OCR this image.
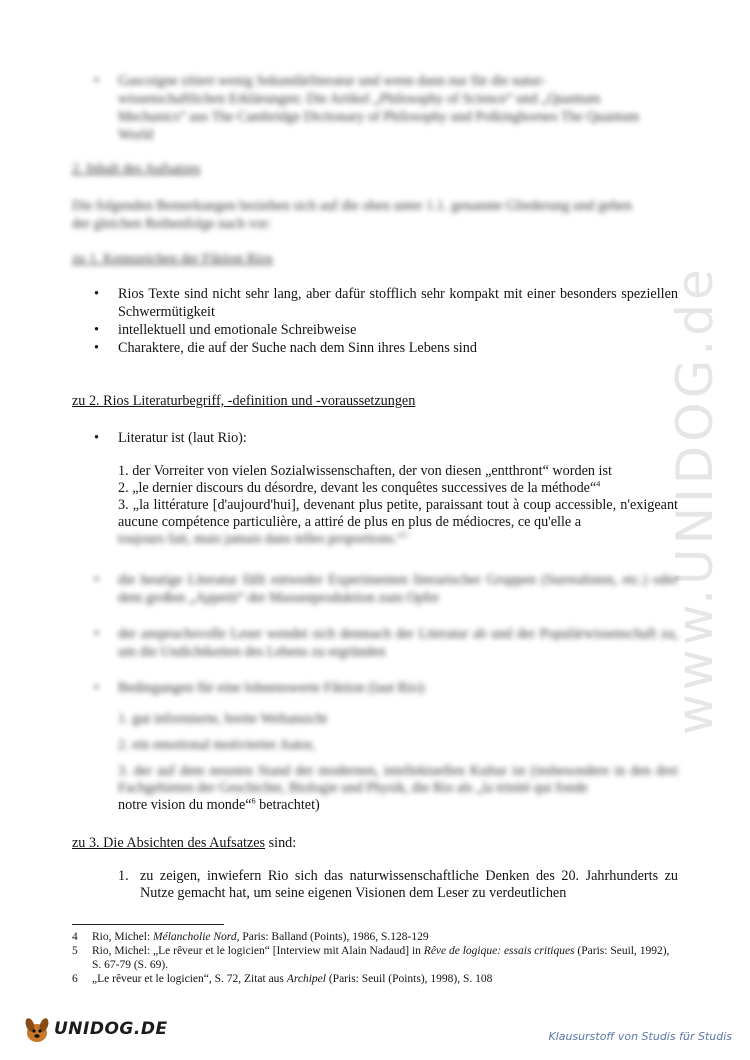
www.UNIDOG.de
• Gascoigne zitiert wenig Sekundärliteratur und wenn dann nur für die natur-
wissenschaftlichen Erklärungen: Die Artikel „Philosophy of Science“ und „Quantum
Mechanics“ aus The Cambridge Dictionary of Philosophy und Polkinghornes The Quantum
World
2. Inhalt des Aufsatzes
Die folgenden Bemerkungen beziehen sich auf die oben unter 1.1. genannte Gliederung und gehen
der gleichen Reihenfolge nach vor:
zu 1. Kennzeichen der Fiktion Rios
• Rios Texte sind nicht sehr lang, aber dafür stofflich sehr kompakt mit einer besonders speziellen Schwermütigkeit
• intellektuell und emotionale Schreibweise
• Charaktere, die auf der Suche nach dem Sinn ihres Lebens sind
zu 2. Rios Literaturbegriff, -definition und -voraussetzungen
• Literatur ist (laut Rio):
1. der Vorreiter von vielen Sozialwissenschaften, der von diesen „entthront“ worden ist
2. „le dernier discours du désordre, devant les conquêtes successives de la méthode“$^4$
3. „la littérature [d'aujourd'hui], devenant plus petite, paraissant tout à coup accessible, n'exigeant aucune compétence particulière, a attiré de plus en plus de médiocres, ce qu'elle a
toujours fait, mais jamais dans telles proportions.“$^5$
• die heutige Literatur fällt entweder Experimenten literarischer Gruppen (Surrealisten, etc.) oder dem großen „Appetit“ der Massenproduktion zum Opfer
• der anspruchsvolle Leser wendet sich demnach der Literatur ab und der Populärwissenschaft zu, um die Undichtkeiten des Lebens zu ergründen
• Bedingungen für eine lohnenswerte Fiktion (laut Rio):
1. gut informierte, breite Weltansicht
2. ein emotional motivierter Autor,
3. der auf dem neusten Stand der modernen, intellektuellen Kultur ist (insbesondere in den drei Fachgebieten der Geschichte, Biologie und Physik, die Rio als „la trinité qui fonde
notre vision du monde“$^6$ betrachtet)
zu 3. Die Absichten des Aufsatzes sind:
1. zu zeigen, inwiefern Rio sich das naturwissenschaftliche Denken des 20. Jahrhunderts zu Nutze gemacht hat, um seine eigenen Visionen dem Leser zu verdeutlichen
4	Rio, Michel: Mélancholie Nord, Paris: Balland (Points), 1986, S.128-129
5	Rio, Michel: „Le rêveur et le logicien“ [Interview mit Alain Nadaud] in Rêve de logique: essais critiques (Paris: Seuil, 1992), S. 67-79 (S. 69).
6	„Le rêveur et le logicien“, S. 72, Zitat aus Archipel (Paris: Seuil (Points), 1998), S. 108
UNIDOG.DE	Klausurstoff von Studis für Studis
